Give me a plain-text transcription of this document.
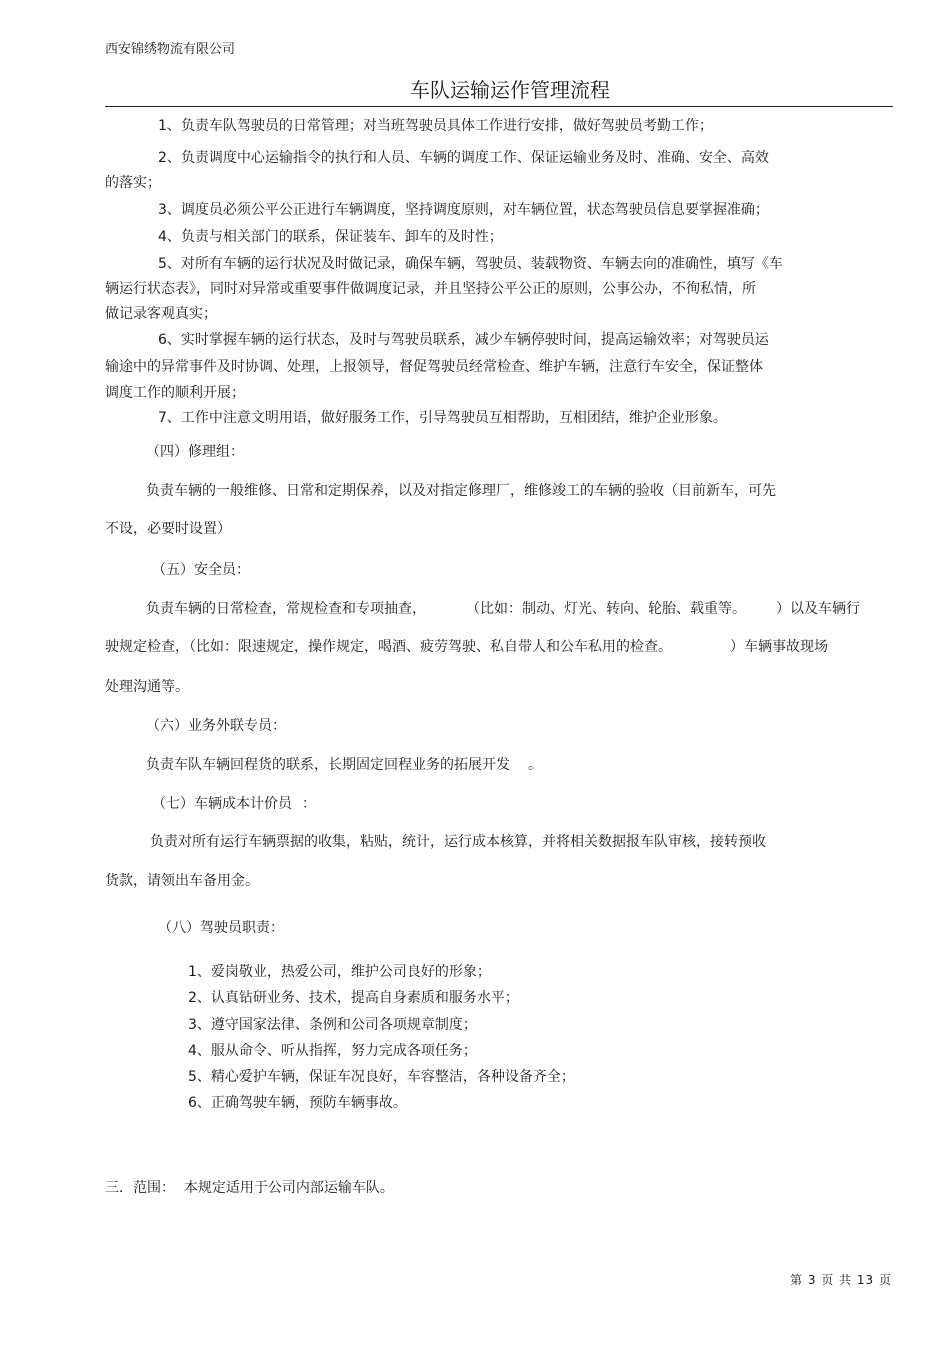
西安锦绣物流有限公司
车队运输运作管理流程
1、负责车队驾驶员的日常管理；对当班驾驶员具体工作进行安排，做好驾驶员考勤工作；
2、负责调度中心运输指令的执行和人员、车辆的调度工作、保证运输业务及时、准确、安全、高效
的落实；
3、调度员必须公平公正进行车辆调度，坚持调度原则，对车辆位置，状态驾驶员信息要掌握准确；
4、负责与相关部门的联系，保证装车、卸车的及时性；
5、对所有车辆的运行状况及时做记录，确保车辆，驾驶员、装载物资、车辆去向的准确性，填写《车
辆运行状态表》，同时对异常或重要事件做调度记录，并且坚持公平公正的原则，公事公办，不徇私情，所
做记录客观真实；
6、实时掌握车辆的运行状态，及时与驾驶员联系，减少车辆停驶时间，提高运输效率；对驾驶员运
输途中的异常事件及时协调、处理，上报领导，督促驾驶员经常检查、维护车辆，注意行车安全，保证整体
调度工作的顺利开展；
7、工作中注意文明用语，做好服务工作，引导驾驶员互相帮助，互相团结，维护企业形象。
（四）修理组：
负责车辆的一般维修、日常和定期保养，以及对指定修理厂，维修竣工的车辆的验收（目前新车，可先
不设，必要时设置）
（五）安全员：
负责车辆的日常检查，常规检查和专项抽查，	（比如：制动、灯光、转向、轮胎、载重等。 ）以及车辆行
驶规定检查，（比如：限速规定，操作规定，喝酒、疲劳驾驶、私自带人和公车私用的检查。	）车辆事故现场
处理沟通等。
（六）业务外联专员：
负责车队车辆回程货的联系，长期固定回程业务的拓展开发 。
（七）车辆成本计价员 ：
负责对所有运行车辆票据的收集，粘贴，统计，运行成本核算，并将相关数据报车队审核，接转预收
货款，请领出车备用金。
（八）驾驶员职责：
1、爱岗敬业，热爱公司，维护公司良好的形象；
2、认真钻研业务、技术，提高自身素质和服务水平；
3、遵守国家法律、条例和公司各项规章制度；
4、服从命令、听从指挥，努力完成各项任务；
5、精心爱护车辆，保证车况良好，车容整洁，各种设备齐全；
6、正确驾驶车辆，预防车辆事故。
三．范围：  本规定适用于公司内部运输车队。
第 3 页 共 13 页
